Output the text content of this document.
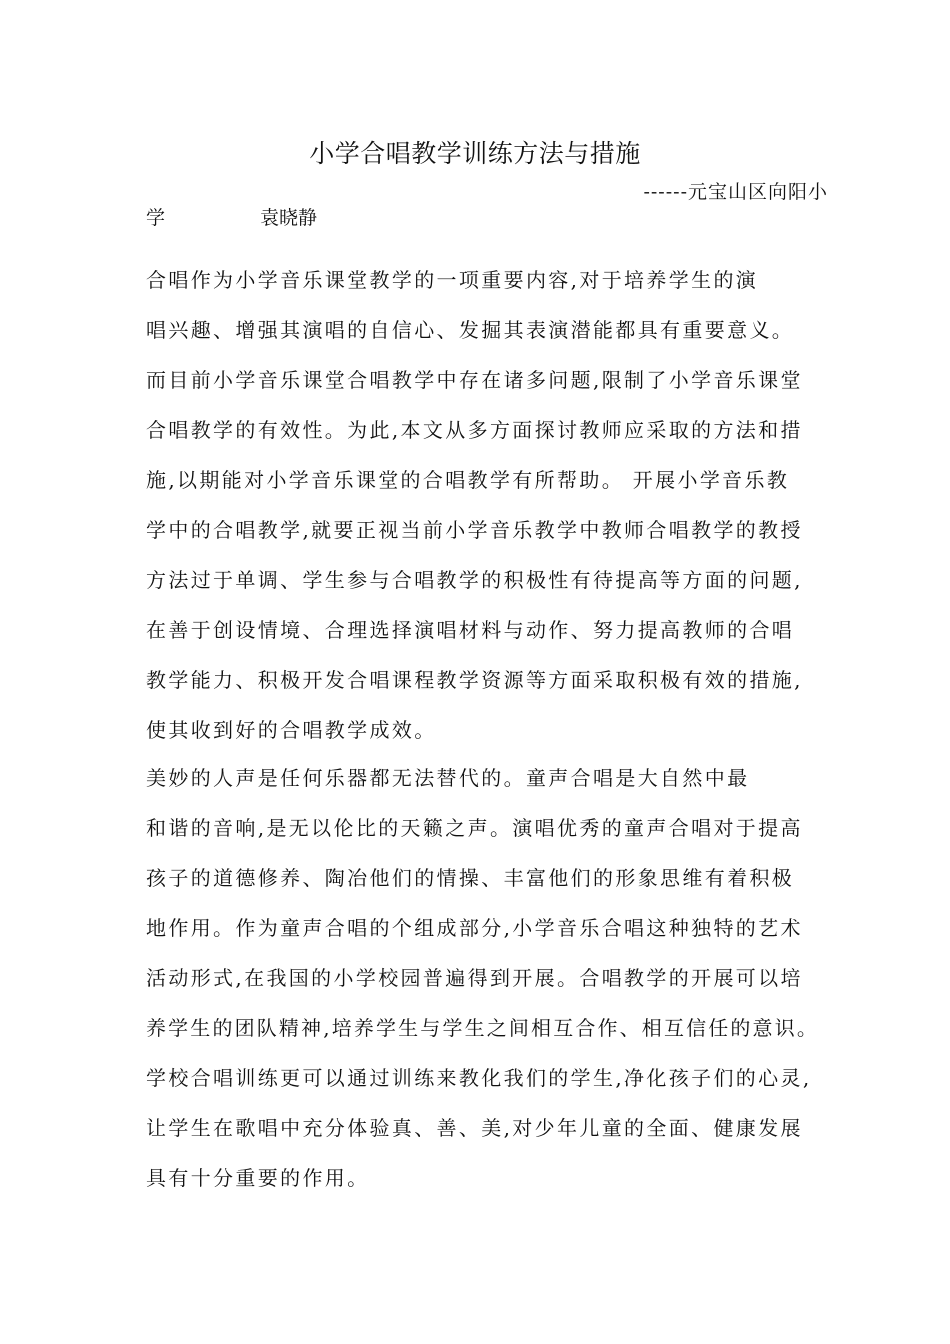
小学合唱教学训练方法与措施
------元宝山区向阳小
学	袁晓静
合唱作为小学音乐课堂教学的一项重要内容,对于培养学生的演
唱兴趣、增强其演唱的自信心、发掘其表演潜能都具有重要意义。
而目前小学音乐课堂合唱教学中存在诸多问题,限制了小学音乐课堂
合唱教学的有效性。为此,本文从多方面探讨教师应采取的方法和措
施,以期能对小学音乐课堂的合唱教学有所帮助。 开展小学音乐教
学中的合唱教学,就要正视当前小学音乐教学中教师合唱教学的教授
方法过于单调、学生参与合唱教学的积极性有待提高等方面的问题,
在善于创设情境、合理选择演唱材料与动作、努力提高教师的合唱
教学能力、积极开发合唱课程教学资源等方面采取积极有效的措施,
使其收到好的合唱教学成效。
美妙的人声是任何乐器都无法替代的。童声合唱是大自然中最
和谐的音响,是无以伦比的天籁之声。演唱优秀的童声合唱对于提高
孩子的道德修养、陶冶他们的情操、丰富他们的形象思维有着积极
地作用。作为童声合唱的个组成部分,小学音乐合唱这种独特的艺术
活动形式,在我国的小学校园普遍得到开展。合唱教学的开展可以培
养学生的团队精神,培养学生与学生之间相互合作、相互信任的意识。
学校合唱训练更可以通过训练来教化我们的学生,净化孩子们的心灵,
让学生在歌唱中充分体验真、善、美,对少年儿童的全面、健康发展
具有十分重要的作用。
